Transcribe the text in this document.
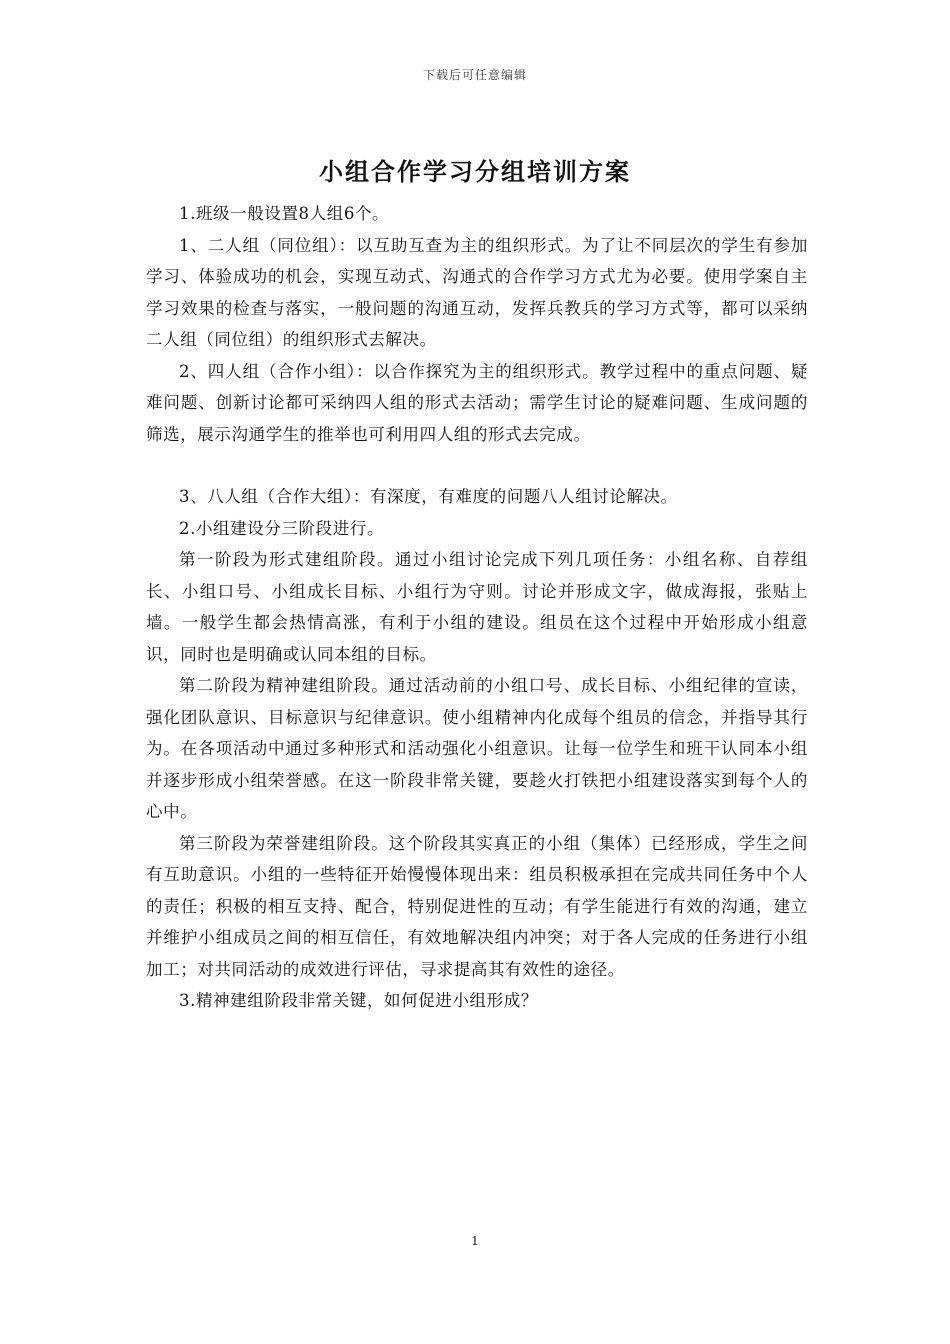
下载后可任意编辑
小组合作学习分组培训方案

1.班级一般设置8人组6个。

1、二人组（同位组）：以互助互查为主的组织形式。为了让不同层次的学生有参加学习、体验成功的机会，实现互动式、沟通式的合作学习方式尤为必要。使用学案自主学习效果的检查与落实，一般问题的沟通互动，发挥兵教兵的学习方式等，都可以采纳二人组（同位组）的组织形式去解决。

2、四人组（合作小组）：以合作探究为主的组织形式。教学过程中的重点问题、疑难问题、创新讨论都可采纳四人组的形式去活动；需学生讨论的疑难问题、生成问题的筛选，展示沟通学生的推举也可利用四人组的形式去完成。

3、八人组（合作大组）：有深度，有难度的问题八人组讨论解决。

2.小组建设分三阶段进行。

第一阶段为形式建组阶段。通过小组讨论完成下列几项任务：小组名称、自荐组长、小组口号、小组成长目标、小组行为守则。讨论并形成文字，做成海报，张贴上墙。一般学生都会热情高涨，有利于小组的建设。组员在这个过程中开始形成小组意识，同时也是明确或认同本组的目标。

第二阶段为精神建组阶段。通过活动前的小组口号、成长目标、小组纪律的宣读，强化团队意识、目标意识与纪律意识。使小组精神内化成每个组员的信念，并指导其行为。在各项活动中通过多种形式和活动强化小组意识。让每一位学生和班干认同本小组并逐步形成小组荣誉感。在这一阶段非常关键，要趁火打铁把小组建设落实到每个人的心中。

第三阶段为荣誉建组阶段。这个阶段其实真正的小组（集体）已经形成，学生之间有互助意识。小组的一些特征开始慢慢体现出来：组员积极承担在完成共同任务中个人的责任；积极的相互支持、配合，特别促进性的互动；有学生能进行有效的沟通，建立并维护小组成员之间的相互信任，有效地解决组内冲突；对于各人完成的任务进行小组加工；对共同活动的成效进行评估，寻求提高其有效性的途径。

3.精神建组阶段非常关键，如何促进小组形成？

1
